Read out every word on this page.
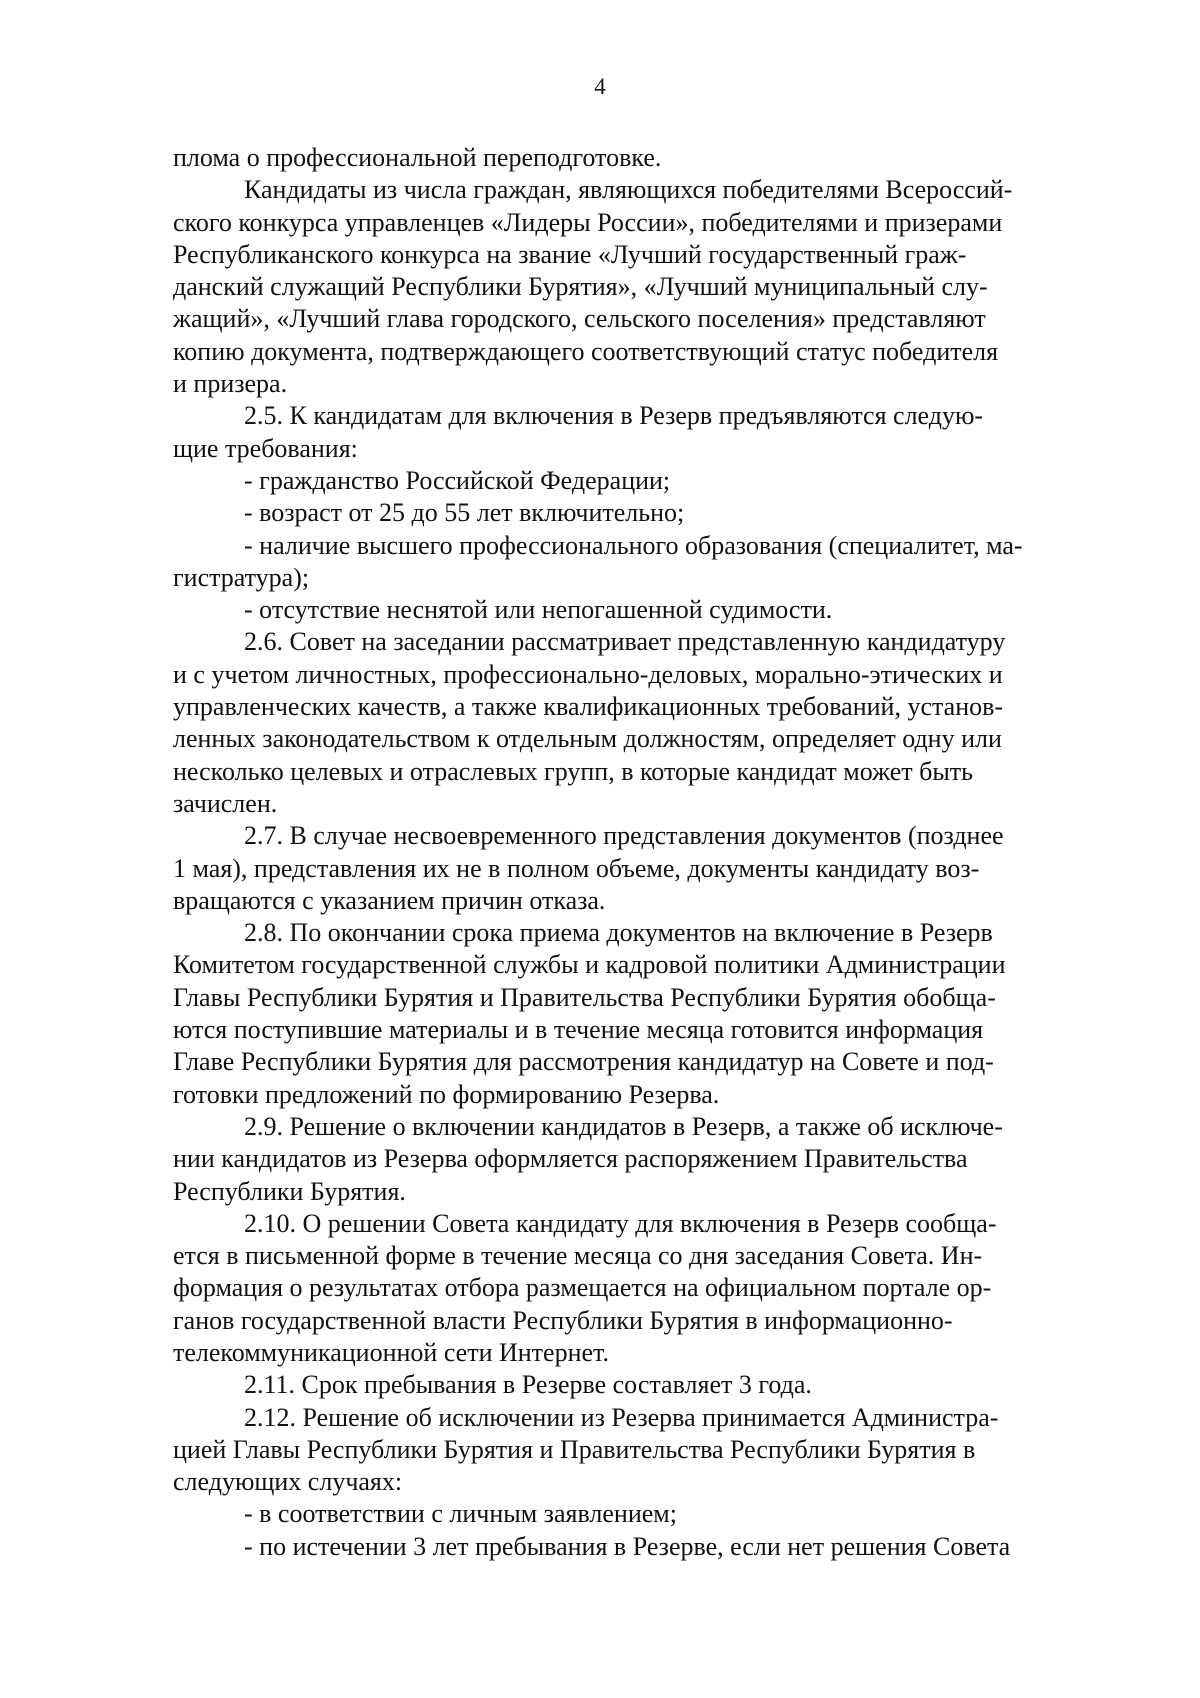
4

плома о профессиональной переподготовке.

Кандидаты из числа граждан, являющихся победителями Всероссий-

ского конкурса управленцев «Лидеры России», победителями и призерами

Республиканского конкурса на звание «Лучший государственный граж-

данский служащий Республики Бурятия», «Лучший муниципальный слу-

жащий», «Лучший глава городского, сельского поселения» представляют

копию документа, подтверждающего соответствующий статус победителя

и призера.

2.5. К кандидатам для включения в Резерв предъявляются следую-

щие требования:

- гражданство Российской Федерации;

- возраст от 25 до 55 лет включительно;

- наличие высшего профессионального образования (специалитет, ма-

гистратура);

- отсутствие неснятой или непогашенной судимости.

2.6. Совет на заседании рассматривает представленную кандидатуру

и с учетом личностных, профессионально-деловых, морально-этических и

управленческих качеств, а также квалификационных требований, установ-

ленных законодательством к отдельным должностям, определяет одну или

несколько целевых и отраслевых групп, в которые кандидат может быть

зачислен.

2.7. В случае несвоевременного представления документов (позднее

1 мая), представления их не в полном объеме, документы кандидату воз-

вращаются с указанием причин отказа.

2.8. По окончании срока приема документов на включение в Резерв

Комитетом государственной службы и кадровой политики Администрации

Главы Республики Бурятия и Правительства Республики Бурятия обобща-

ются поступившие материалы и в течение месяца готовится информация

Главе Республики Бурятия для рассмотрения кандидатур на Совете и под-

готовки предложений по формированию Резерва.

2.9. Решение о включении кандидатов в Резерв, а также об исключе-

нии кандидатов из Резерва оформляется распоряжением Правительства

Республики Бурятия.

2.10. О решении Совета кандидату для включения в Резерв сообща-

ется в письменной форме в течение месяца со дня заседания Совета. Ин-

формация о результатах отбора размещается на официальном портале ор-

ганов государственной власти Республики Бурятия в информационно-

телекоммуникационной сети Интернет.

2.11. Срок пребывания в Резерве составляет 3 года.

2.12. Решение об исключении из Резерва принимается Администра-

цией Главы Республики Бурятия и Правительства Республики Бурятия в

следующих случаях:

- в соответствии с личным заявлением;

- по истечении 3 лет пребывания в Резерве, если нет решения Совета
